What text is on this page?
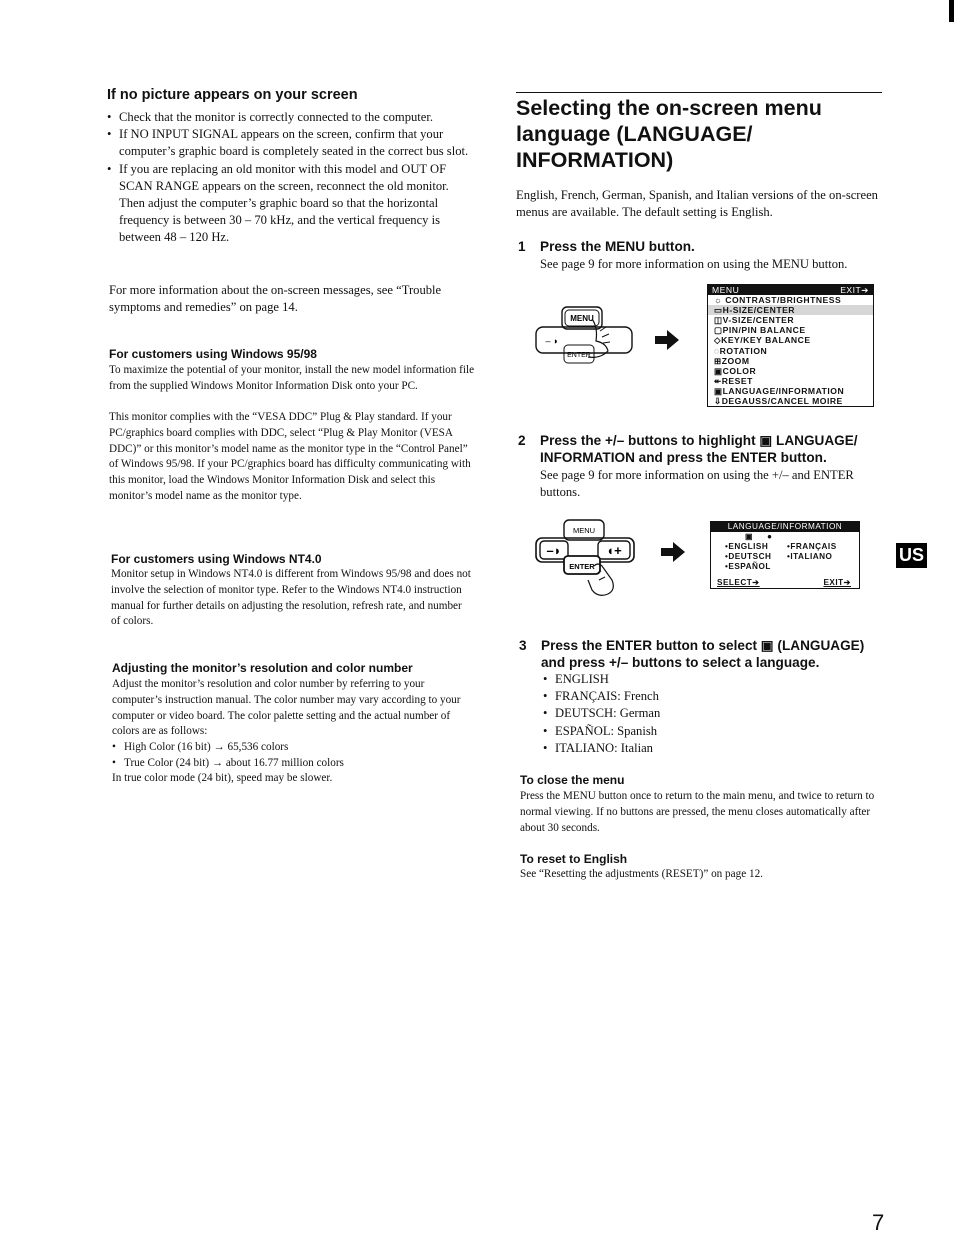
If no picture appears on your screen
• Check that the monitor is correctly connected to the computer.
• If NO INPUT SIGNAL appears on the screen, confirm that your computer’s graphic board is completely seated in the correct bus slot.
• If you are replacing an old monitor with this model and OUT OF SCAN RANGE appears on the screen, reconnect the old monitor. Then adjust the computer’s graphic board so that the horizontal frequency is between 30 – 70 kHz, and the vertical frequency is between 48 – 120 Hz.
For more information about the on-screen messages, see “Trouble symptoms and remedies” on page 14.
For customers using Windows 95/98
To maximize the potential of your monitor, install the new model information file from the supplied Windows Monitor Information Disk onto your PC.
This monitor complies with the “VESA DDC” Plug & Play standard. If your PC/graphics board complies with DDC, select “Plug & Play Monitor (VESA DDC)” or this monitor’s model name as the monitor type in the “Control Panel” of Windows 95/98. If your PC/graphics board has difficulty communicating with this monitor, load the Windows Monitor Information Disk and select this monitor’s model name as the monitor type.
For customers using Windows NT4.0
Monitor setup in Windows NT4.0 is different from Windows 95/98 and does not involve the selection of monitor type. Refer to the Windows NT4.0 instruction manual for further details on adjusting the resolution, refresh rate, and number of colors.
Adjusting the monitor’s resolution and color number
Adjust the monitor’s resolution and color number by referring to your computer’s instruction manual. The color number may vary according to your computer or video board. The color palette setting and the actual number of colors are as follows:
• High Color (16 bit) → 65,536 colors
• True Color (24 bit) → about 16.77 million colors
In true color mode (24 bit), speed may be slower.
Selecting the on-screen menu
language (LANGUAGE/
INFORMATION)
English, French, German, Spanish, and Italian versions of the on-screen menus are available. The default setting is English.
1 Press the MENU button.
See page 9 for more information on using the MENU button.
MENU
– ◗
ENTER
MENU	EXIT➔
☼ CONTRAST/BRIGHTNESS
▭H-SIZE/CENTER
◫V-SIZE/CENTER
▢PIN/PIN BALANCE
◇KEY/KEY BALANCE
◌ROTATION
⊞ZOOM
▣COLOR
↞RESET
▣LANGUAGE/INFORMATION
⇩DEGAUSS/CANCEL MOIRE
2 Press the +/– buttons to highlight ▣ LANGUAGE/
INFORMATION and press the ENTER button.
See page 9 for more information on using the +/– and ENTER buttons.
MENU
–◗	◖+
ENTER
LANGUAGE/INFORMATION
▣     ●
•ENGLISH
•DEUTSCH
•ESPAÑOL
•FRANÇAIS
•ITALIANO
SELECT➔	EXIT➔
3 Press the ENTER button to select ▣ (LANGUAGE)
and press +/– buttons to select a language.
• ENGLISH
• FRANÇAIS: French
• DEUTSCH: German
• ESPAÑOL: Spanish
• ITALIANO: Italian
To close the menu
Press the MENU button once to return to the main menu, and twice to return to normal viewing. If no buttons are pressed, the menu closes automatically after about 30 seconds.
To reset to English
See “Resetting the adjustments (RESET)” on page 12.
US
7
